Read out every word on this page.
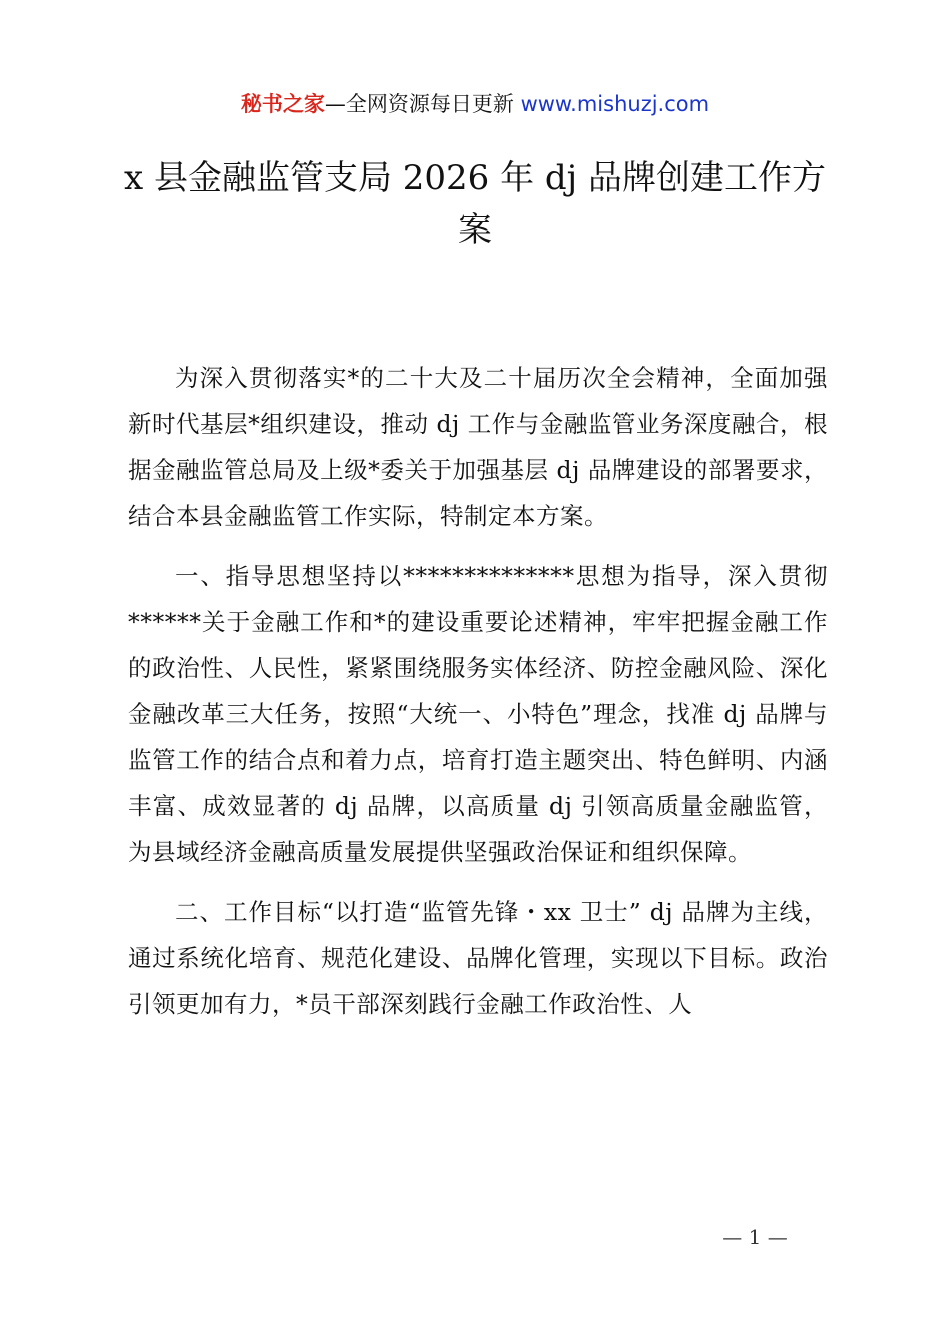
秘书之家—全网资源每日更新 www.mishuzj.com
x 县金融监管支局 2026 年 dj 品牌创建工作方案

为深入贯彻落实*的二十大及二十届历次全会精神，全面加强新时代基层*组织建设，推动 dj 工作与金融监管业务深度融合，根据金融监管总局及上级*委关于加强基层 dj 品牌建设的部署要求，结合本县金融监管工作实际，特制定本方案。

一、指导思想坚持以**************思想为指导，深入贯彻******关于金融工作和*的建设重要论述精神，牢牢把握金融工作的政治性、人民性，紧紧围绕服务实体经济、防控金融风险、深化金融改革三大任务，按照“大统一、小特色”理念，找准 dj 品牌与监管工作的结合点和着力点，培育打造主题突出、特色鲜明、内涵丰富、成效显著的 dj 品牌，以高质量 dj 引领高质量金融监管，为县域经济金融高质量发展提供坚强政治保证和组织保障。

二、工作目标“以打造“监管先锋・xx 卫士” dj 品牌为主线，通过系统化培育、规范化建设、品牌化管理，实现以下目标。政治引领更加有力，*员干部深刻践行金融工作政治性、人

— 1 —
